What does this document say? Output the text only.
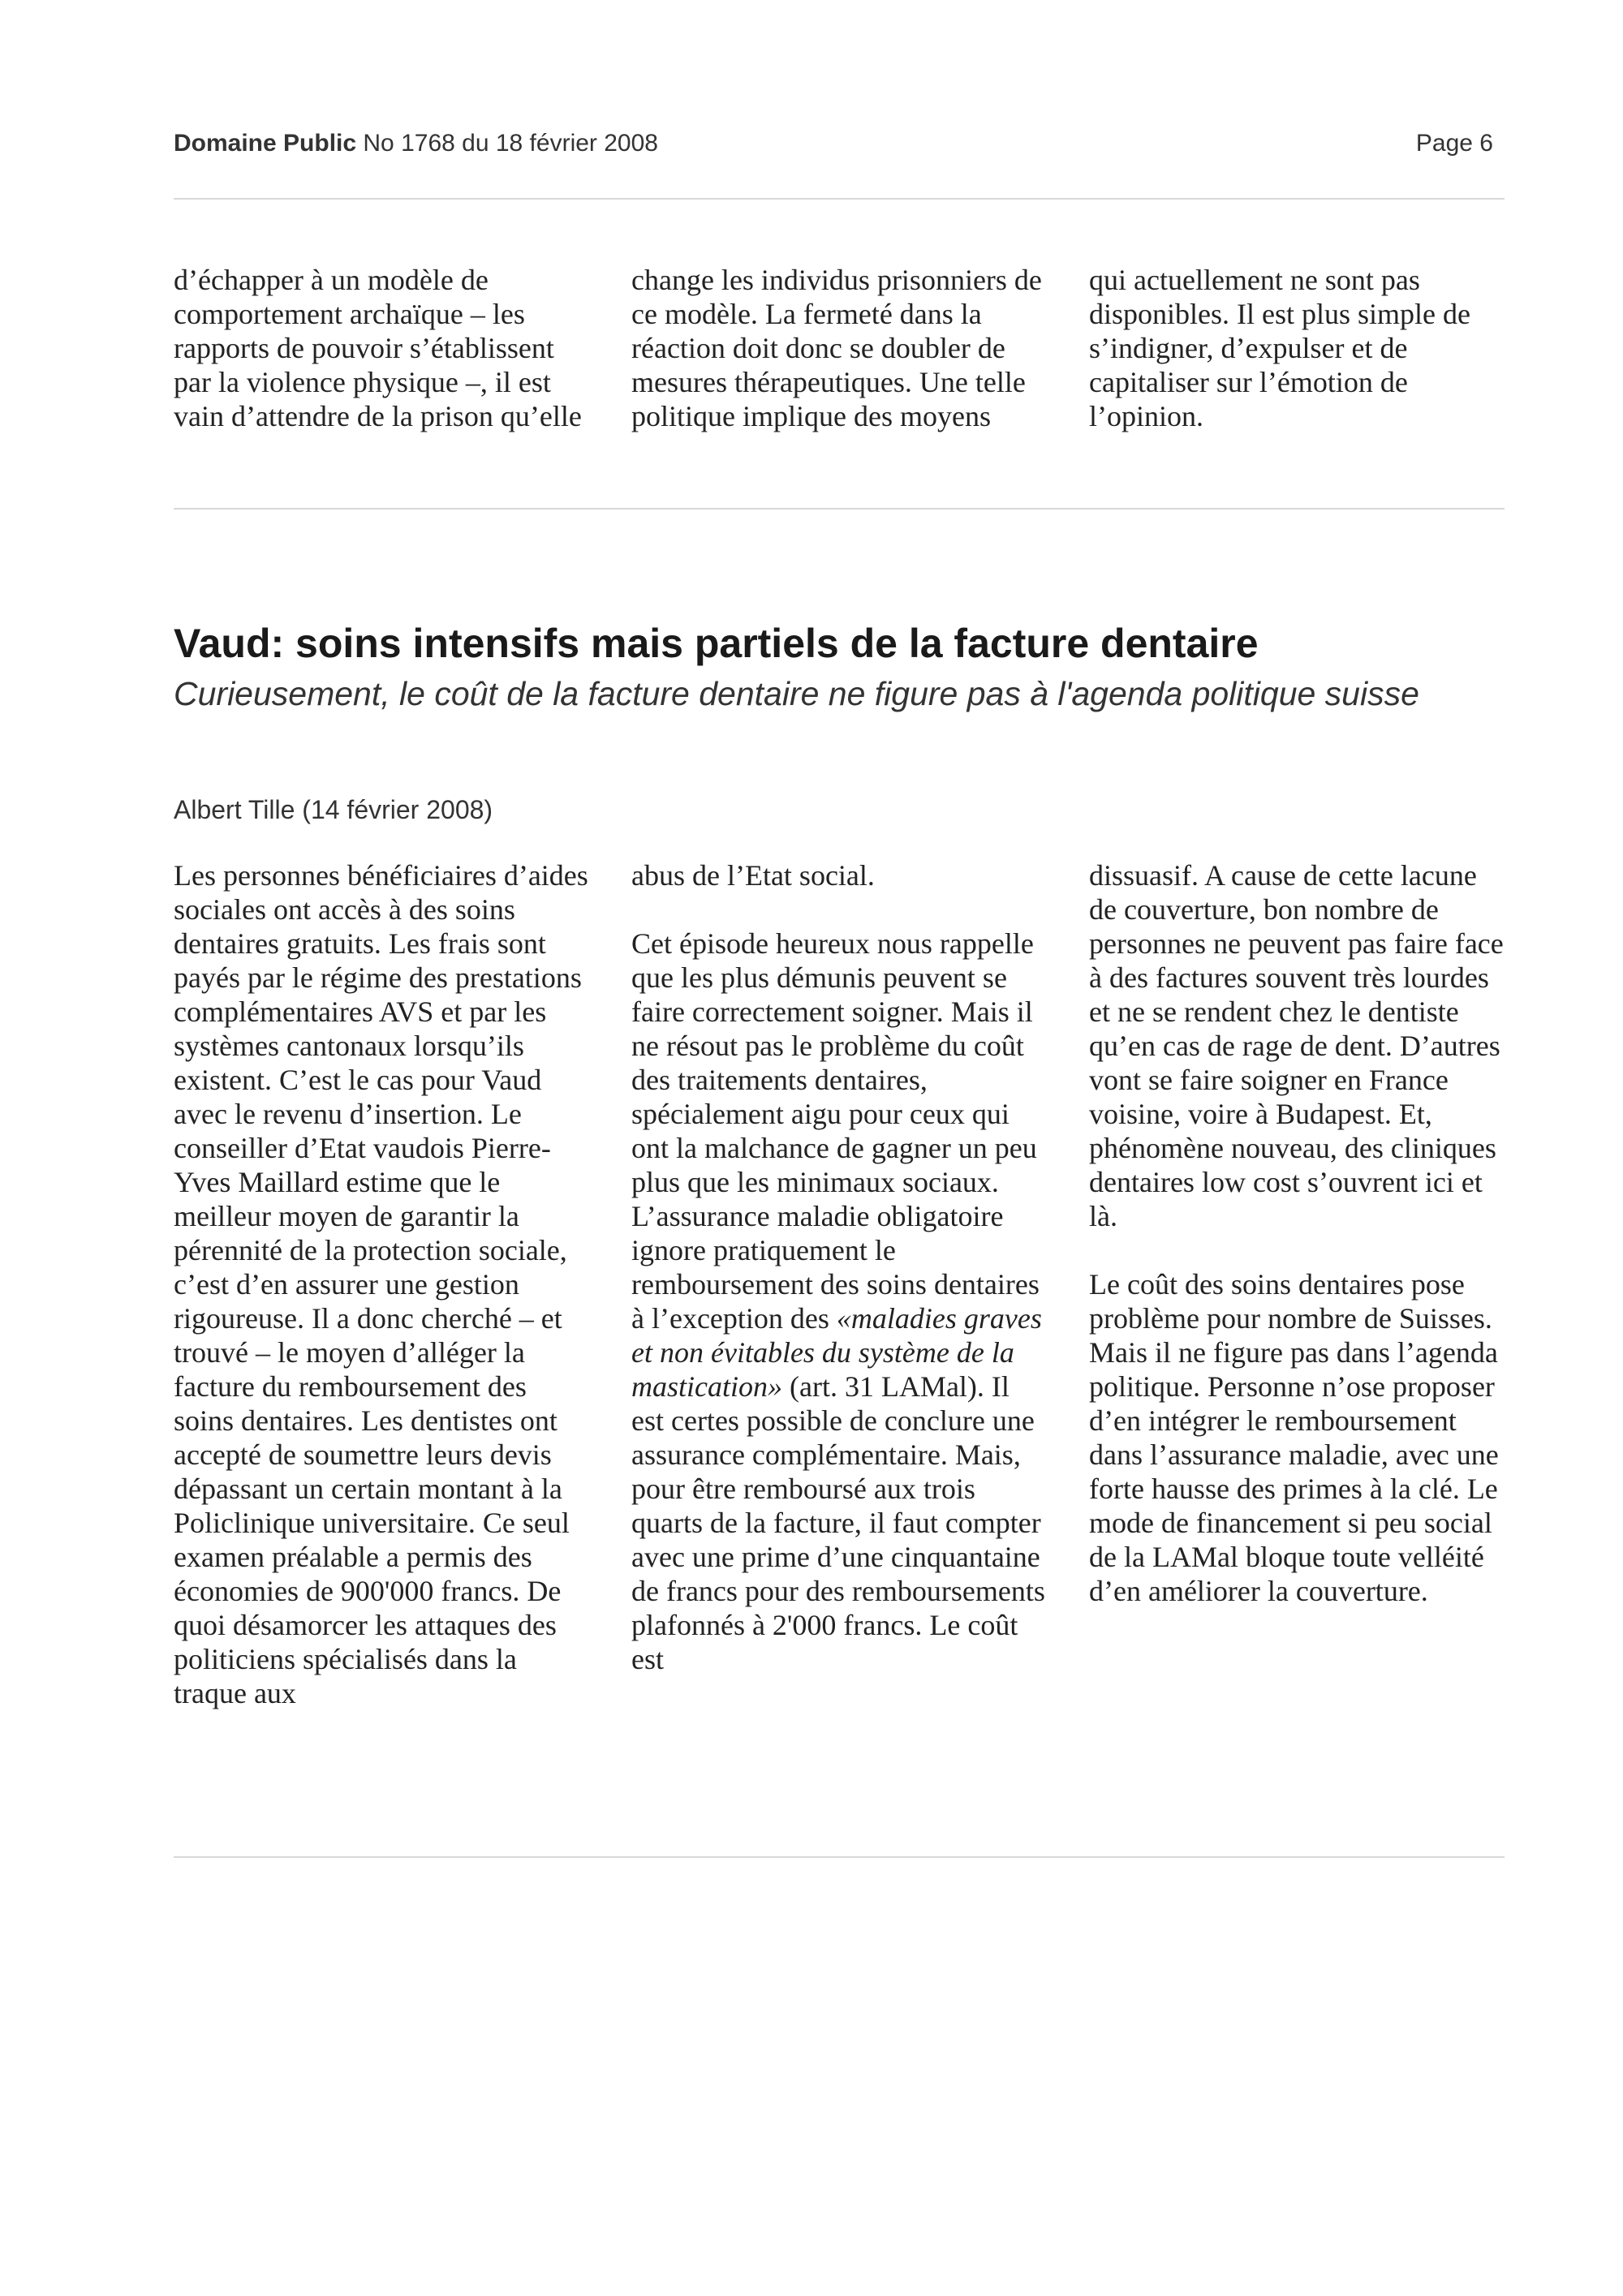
Domaine Public No 1768 du 18 février 2008	Page 6

d’échapper à un modèle de comportement archaïque – les rapports de pouvoir s’établissent par la violence physique –, il est vain d’attendre de la prison qu’elle

change les individus prisonniers de ce modèle. La fermeté dans la réaction doit donc se doubler de mesures thérapeutiques. Une telle politique implique des moyens

qui actuellement ne sont pas disponibles. Il est plus simple de s’indigner, d’expulser et de capitaliser sur l’émotion de l’opinion.

Vaud: soins intensifs mais partiels de la facture dentaire

Curieusement, le coût de la facture dentaire ne figure pas à l'agenda politique suisse

Albert Tille (14 février 2008)

Les personnes bénéficiaires d’aides sociales ont accès à des soins dentaires gratuits. Les frais sont payés par le régime des prestations complémentaires AVS et par les systèmes cantonaux lorsqu’ils existent. C’est le cas pour Vaud avec le revenu d’insertion. Le conseiller d’Etat vaudois Pierre-Yves Maillard estime que le meilleur moyen de garantir la pérennité de la protection sociale, c’est d’en assurer une gestion rigoureuse. Il a donc cherché – et trouvé – le moyen d’alléger la facture du remboursement des soins dentaires. Les dentistes ont accepté de soumettre leurs devis dépassant un certain montant à la Policlinique universitaire. Ce seul examen préalable a permis des économies de 900'000 francs. De quoi désamorcer les attaques des politiciens spécialisés dans la traque aux

abus de l’Etat social.

Cet épisode heureux nous rappelle que les plus démunis peuvent se faire correctement soigner. Mais il ne résout pas le problème du coût des traitements dentaires, spécialement aigu pour ceux qui ont la malchance de gagner un peu plus que les minimaux sociaux. L’assurance maladie obligatoire ignore pratiquement le remboursement des soins dentaires à l’exception des «maladies graves et non évitables du système de la mastication» (art. 31 LAMal). Il est certes possible de conclure une assurance complémentaire. Mais, pour être remboursé aux trois quarts de la facture, il faut compter avec une prime d’une cinquantaine de francs pour des remboursements plafonnés à 2'000 francs. Le coût est

dissuasif. A cause de cette lacune de couverture, bon nombre de personnes ne peuvent pas faire face à des factures souvent très lourdes et ne se rendent chez le dentiste qu’en cas de rage de dent. D’autres vont se faire soigner en France voisine, voire à Budapest. Et, phénomène nouveau, des cliniques dentaires low cost s’ouvrent ici et là.

Le coût des soins dentaires pose problème pour nombre de Suisses. Mais il ne figure pas dans l’agenda politique. Personne n’ose proposer d’en intégrer le remboursement dans l’assurance maladie, avec une forte hausse des primes à la clé. Le mode de financement si peu social de la LAMal bloque toute velléité d’en améliorer la couverture.
